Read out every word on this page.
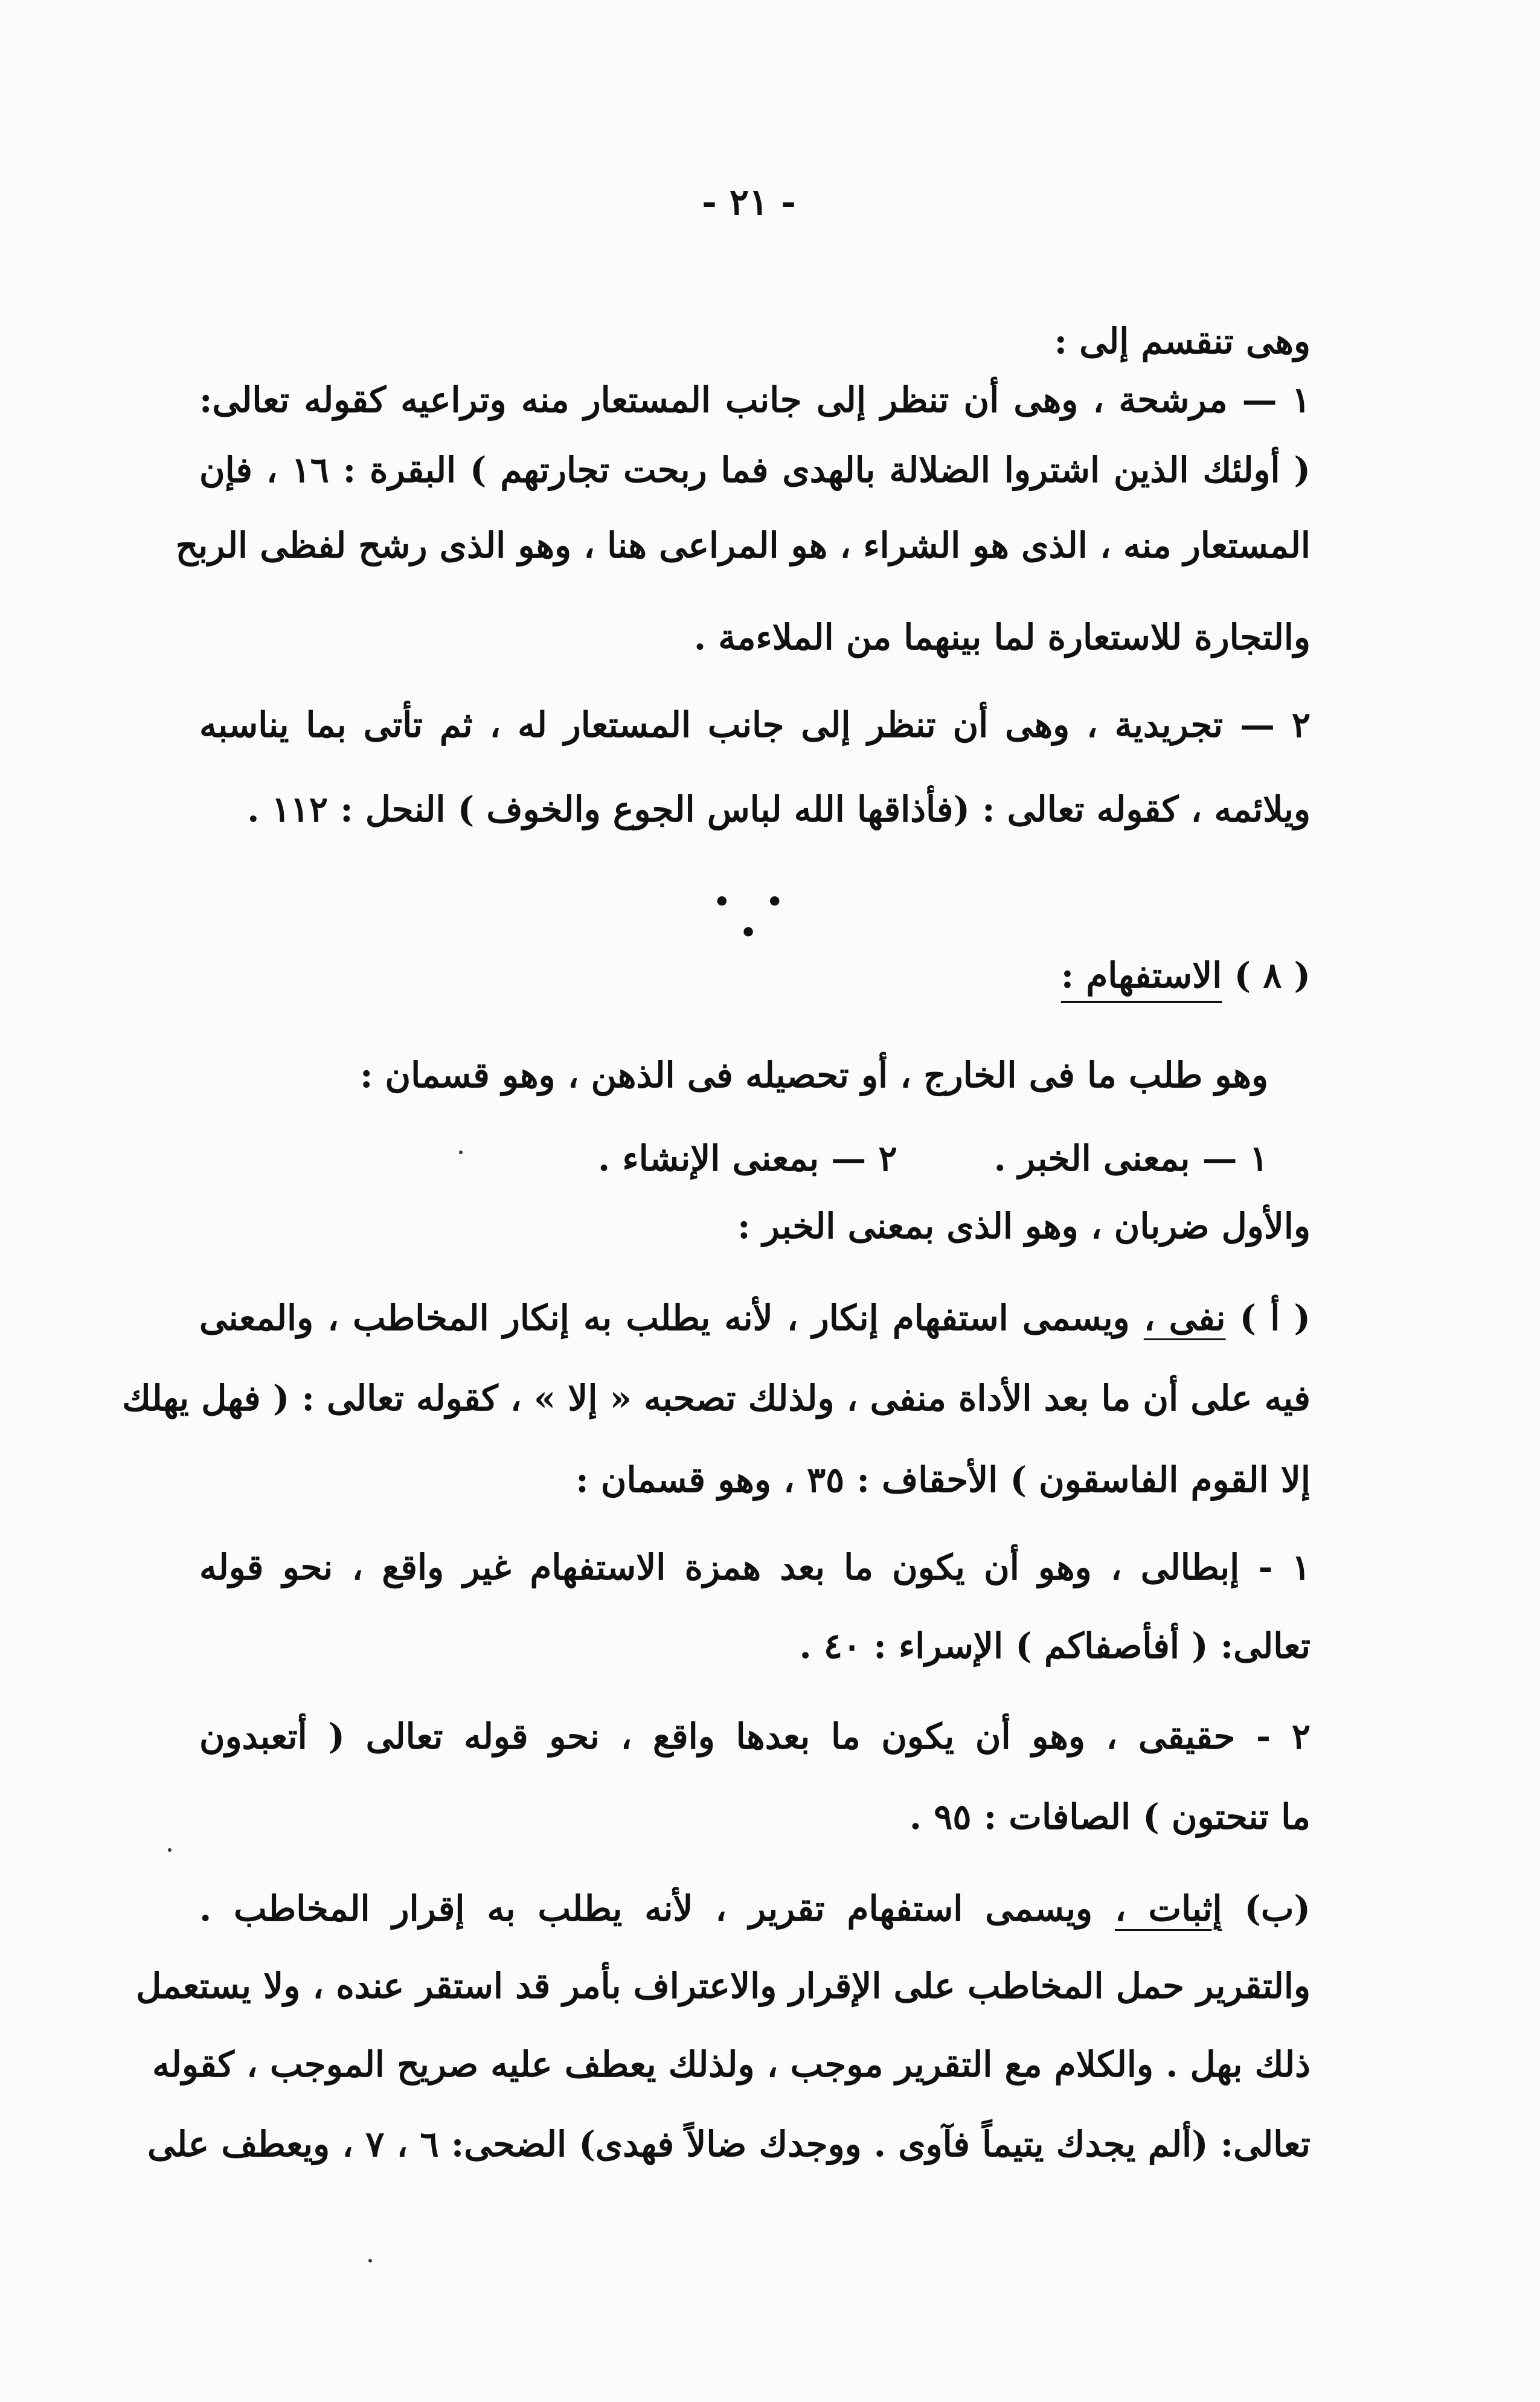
- ٢١ -
وهى تنقسم إلى :
١ — مرشحة ، وهى أن تنظر إلى جانب المستعار منه وتراعيه كقوله تعالى:
( أولئك الذين اشتروا الضلالة بالهدى فما ربحت تجارتهم ) البقرة : ١٦ ، فإن
المستعار منه ، الذى هو الشراء ، هو المراعى هنا ، وهو الذى رشح لفظى الربح
والتجارة للاستعارة لما بينهما من الملاءمة .
٢ — تجريدية ، وهى أن تنظر إلى جانب المستعار له ، ثم تأتى بما يناسبه
ويلائمه ، كقوله تعالى : (فأذاقها الله لباس الجوع والخوف ) النحل : ١١٢ .
( ٨ ) الاستفهام :
وهو طلب ما فى الخارج ، أو تحصيله فى الذهن ، وهو قسمان :
١ — بمعنى الخبر .٢ — بمعنى الإنشاء .
والأول ضربان ، وهو الذى بمعنى الخبر :
( أ ) نفى ، ويسمى استفهام إنكار ، لأنه يطلب به إنكار المخاطب ، والمعنى
فيه على أن ما بعد الأداة منفى ، ولذلك تصحبه « إلا » ، كقوله تعالى : ( فهل يهلك
إلا القوم الفاسقون ) الأحقاف : ٣٥ ، وهو قسمان :
١ - إبطالى ، وهو أن يكون ما بعد همزة الاستفهام غير واقع ، نحو قوله
تعالى: ( أفأصفاكم ) الإسراء : ٤٠ .
٢ - حقيقى ، وهو أن يكون ما بعدها واقع ، نحو قوله تعالى ( أتعبدون
ما تنحتون ) الصافات : ٩٥ .
(ب) إثبات ، ويسمى استفهام تقرير ، لأنه يطلب به إقرار المخاطب .
والتقرير حمل المخاطب على الإقرار والاعتراف بأمر قد استقر عنده ، ولا يستعمل
ذلك بهل . والكلام مع التقرير موجب ، ولذلك يعطف عليه صريح الموجب ، كقوله
تعالى: (ألم يجدك يتيماً فآوى . ووجدك ضالاً فهدى) الضحى: ٦ ، ٧ ، ويعطف على
• • •
